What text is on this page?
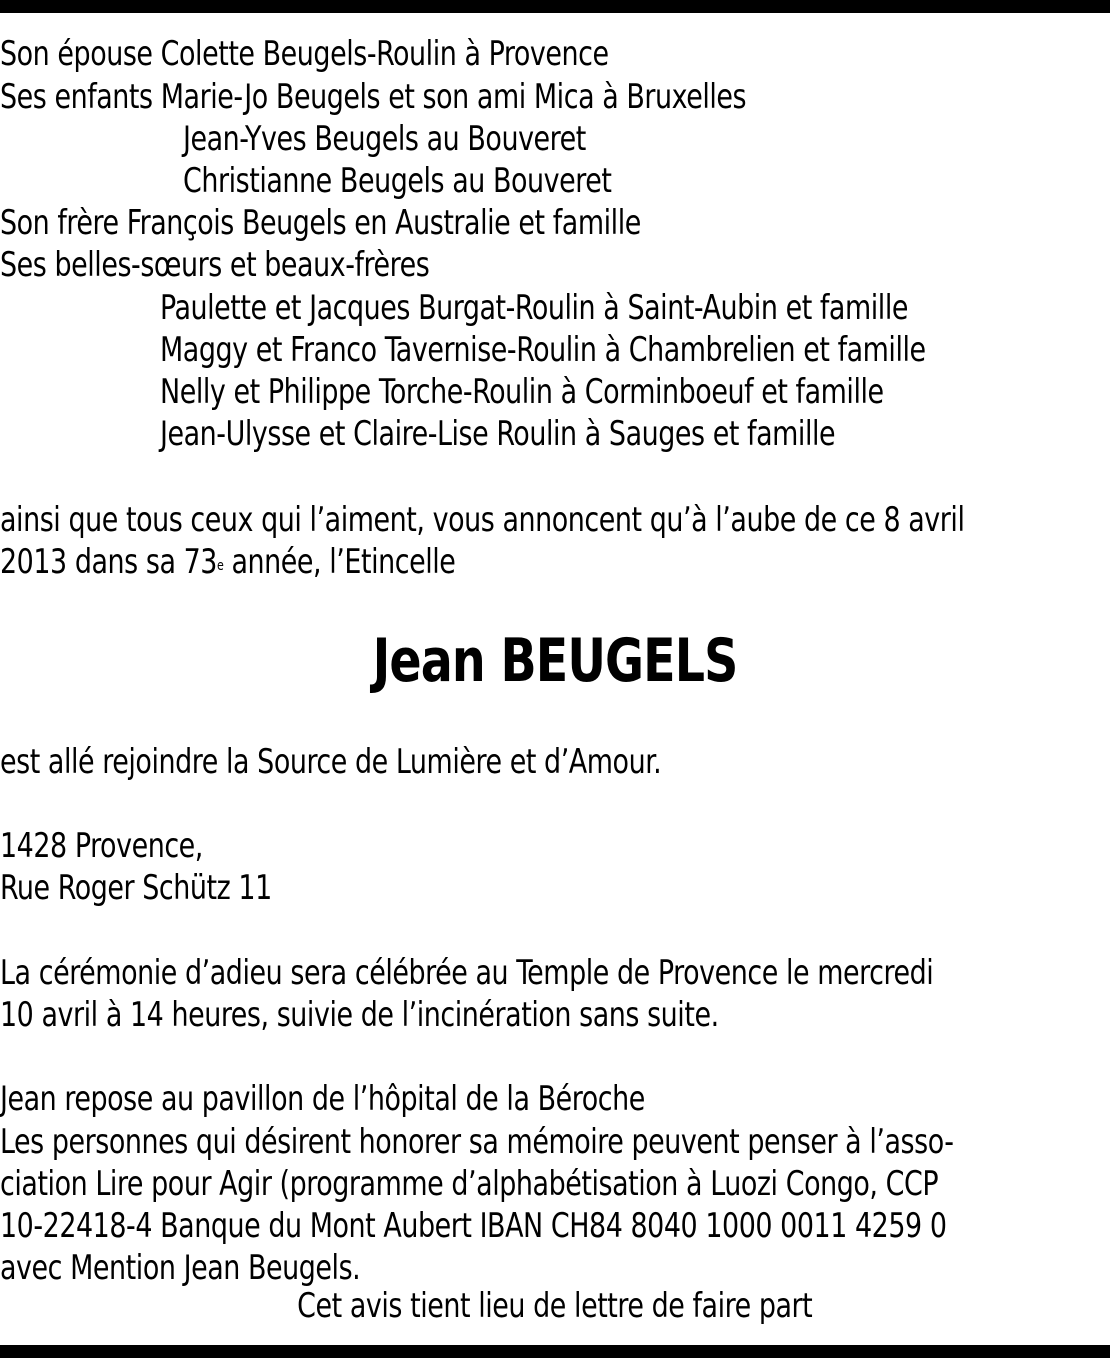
Son épouse Colette Beugels-Roulin à Provence
Ses enfants Marie-Jo Beugels et son ami Mica à Bruxelles
Jean-Yves Beugels au Bouveret
Christianne Beugels au Bouveret
Son frère François Beugels en Australie et famille
Ses belles-sœurs et beaux-frères
Paulette et Jacques Burgat-Roulin à Saint-Aubin et famille
Maggy et Franco Tavernise-Roulin à Chambrelien et famille
Nelly et Philippe Torche-Roulin à Corminboeuf et famille
Jean-Ulysse et Claire-Lise Roulin à Sauges et famille
ainsi que tous ceux qui l’aiment, vous annoncent qu’à l’aube de ce 8 avril
2013 dans sa 73e année, l’Etincelle
Jean BEUGELS
est allé rejoindre la Source de Lumière et d’Amour.
1428 Provence,
Rue Roger Schütz 11
La cérémonie d’adieu sera célébrée au Temple de Provence le mercredi
10 avril à 14 heures, suivie de l’incinération sans suite.
Jean repose au pavillon de l’hôpital de la Béroche
Les personnes qui désirent honorer sa mémoire peuvent penser à l’asso-
ciation Lire pour Agir (programme d’alphabétisation à Luozi Congo, CCP
10-22418-4 Banque du Mont Aubert IBAN CH84 8040 1000 0011 4259 0
avec Mention Jean Beugels.
Cet avis tient lieu de lettre de faire part
